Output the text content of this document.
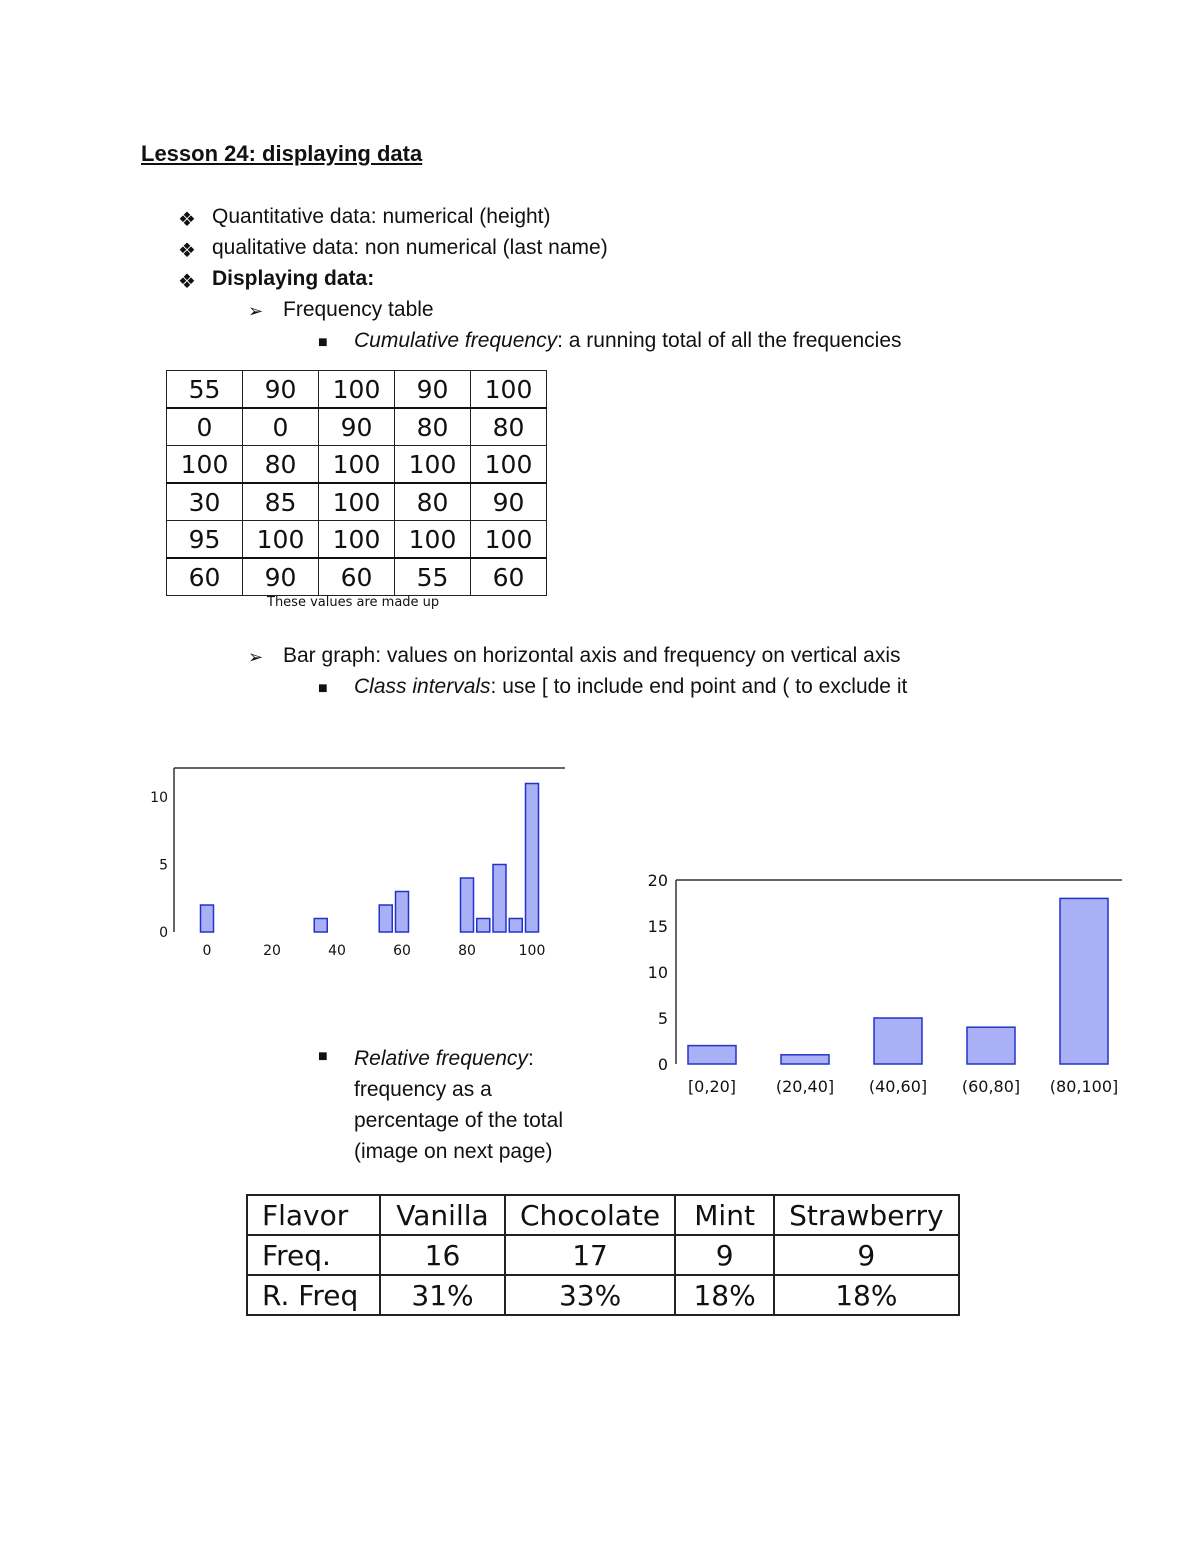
Lesson 24: displaying data
❖ Quantitative data: numerical (height)
❖ qualitative data: non numerical (last name)
❖ Displaying data:
➢ Frequency table
■ Cumulative frequency: a running total of all the frequencies
55	90	100	90	100
0	0	90	80	80
100	80	100	100	100
30	85	100	80	90
95	100	100	100	100
60	90	60	55	60
These values are made up
➢ Bar graph: values on horizontal axis and frequency on vertical axis
■ Class intervals: use [ to include end point and ( to exclude it
0	20	40	60	80	100
0
5
10
[0,20] (20,40] (40,60] (60,80] (80,100]
0
5
10
15
20
■ Relative frequency:
frequency as a
percentage of the total
(image on next page)
Flavor	Vanilla	Chocolate	Mint	Strawberry
Freq.	16	17	9	9
R. Freq	31%	33%	18%	18%
